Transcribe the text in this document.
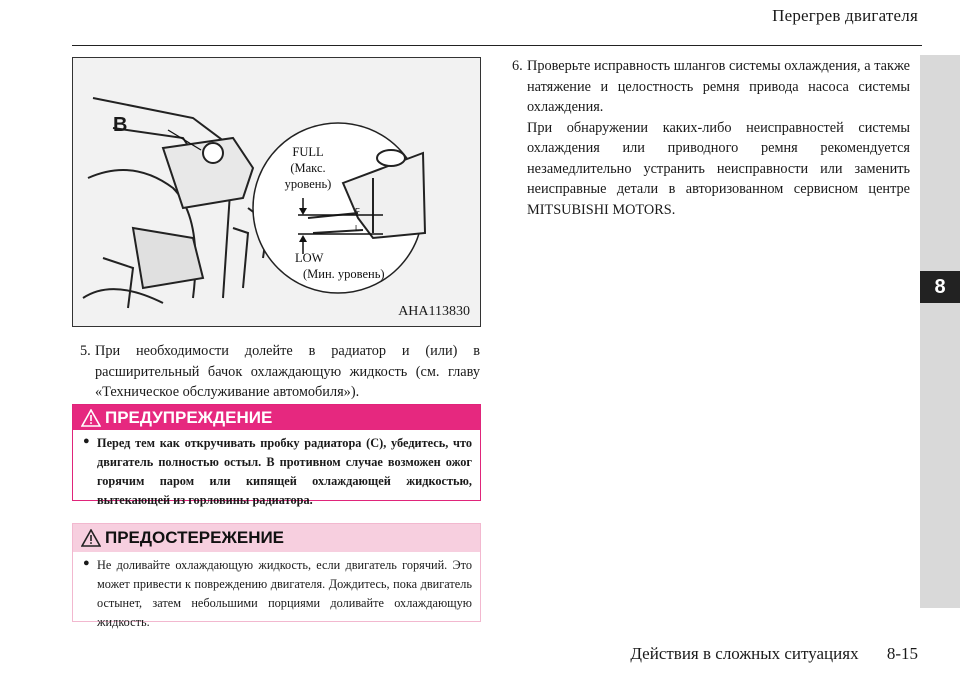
Перегрев двигателя
8
B
FULL
(Макс.
уровень)
LOW
(Мин. уровень)
F
L
AHA113830
5. При необходимости долейте в радиатор и (или) в расширительный бачок охлаждающую жидкость (см. главу «Техническое обслуживание автомобиля»).
ПРЕДУПРЕЖДЕНИЕ
● Перед тем как откручивать пробку радиатора (C), убедитесь, что двигатель полностью остыл. В противном случае возможен ожог горячим паром или кипящей охлаждающей жидкостью, вытекающей из горловины радиатора.
ПРЕДОСТЕРЕЖЕНИЕ
● Не доливайте охлаждающую жидкость, если двигатель горячий. Это может привести к повреждению двигателя. Дождитесь, пока двигатель остынет, затем небольшими порциями доливайте охлаждающую жидкость.
6. Проверьте исправность шлангов системы охлаждения, а также натяжение и целостность ремня привода насоса системы охлаждения.
При обнаружении каких-либо неисправностей системы охлаждения или приводного ремня рекомендуется незамедлительно устранить неисправности или заменить неисправные детали в авторизованном сервисном центре MITSUBISHI MOTORS.
Действия в сложных ситуациях 8-15
